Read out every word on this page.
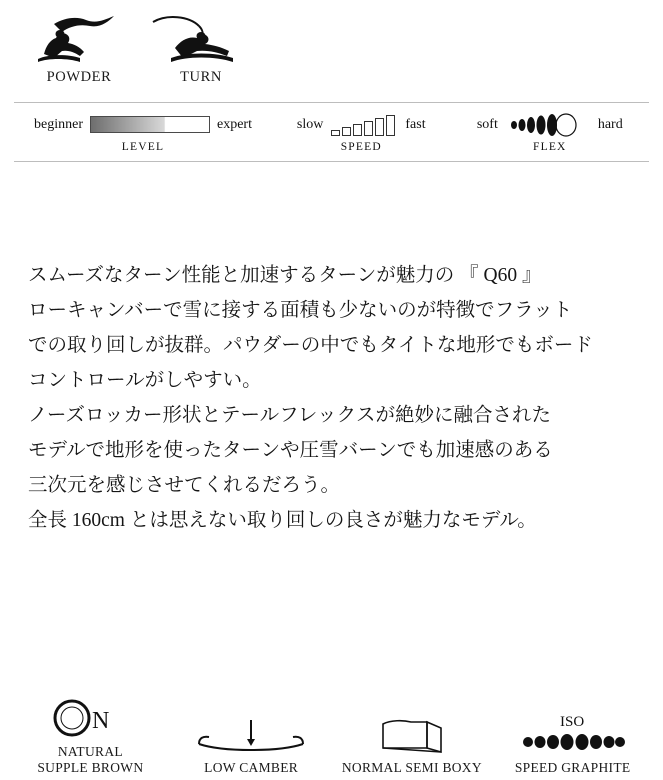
POWDER	TURN
beginner	expert
LEVEL
slow	fast
SPEED
soft	hard
FLEX

スムーズなターン性能と加速するターンが魅力の 『 Q60 』

ローキャンバーで雪に接する面積も少ないのが特徴でフラット

での取り回しが抜群。パウダーの中でもタイトな地形でもボード

コントロールがしやすい。

ノーズロッカー形状とテールフレックスが絶妙に融合された

モデルで地形を使ったターンや圧雪バーンでも加速感のある

三次元を感じさせてくれるだろう。

全長 160cm とは思えない取り回しの良さが魅力なモデル。

N
NATURAL
SUPPLE BROWN	LOW CAMBER	NORMAL SEMI BOXY
ISO
SPEED GRAPHITE
